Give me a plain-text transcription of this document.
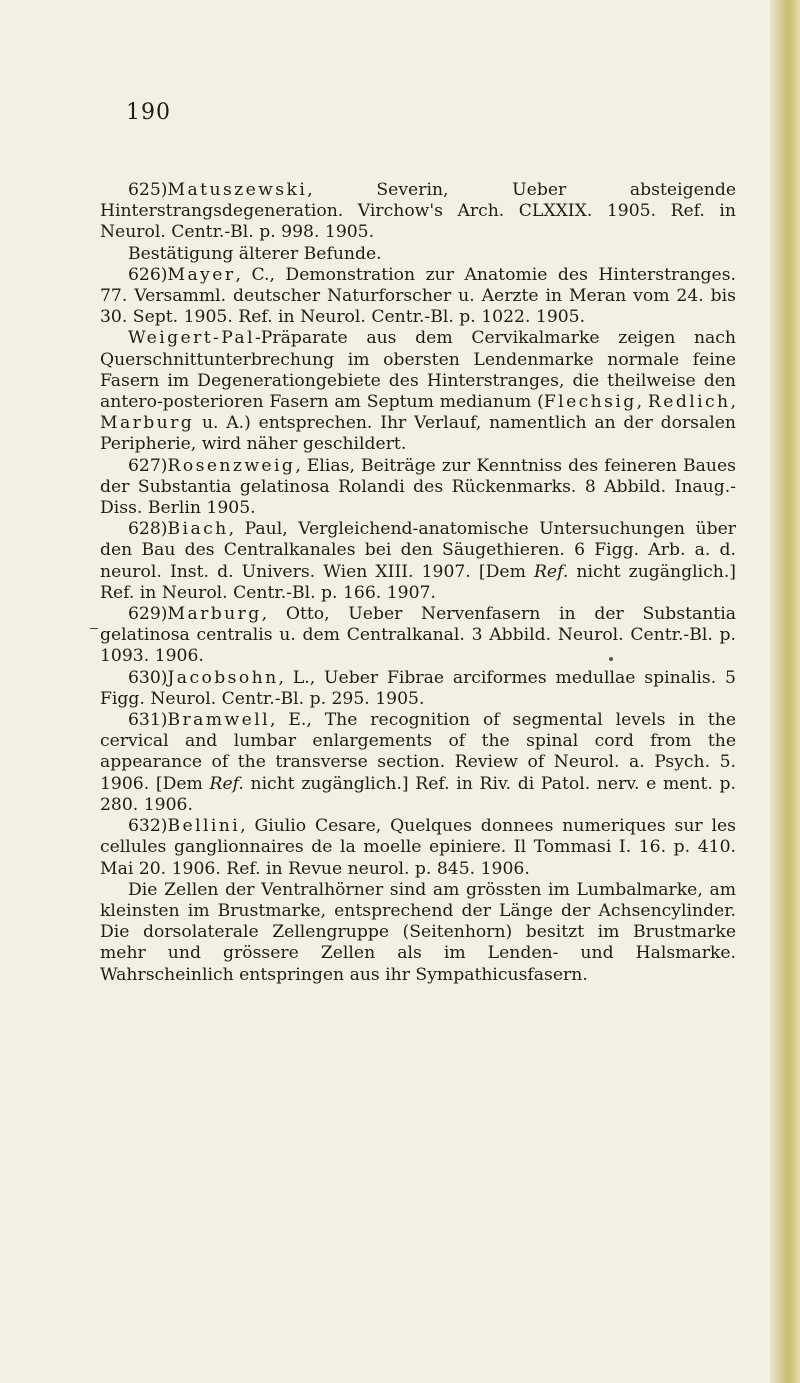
190

625)Matuszewski, Severin, Ueber absteigende Hinterstrangsdegeneration. Virchow's Arch. CLXXIX. 1905. Ref. in Neurol. Centr.-Bl. p. 998. 1905.

Bestätigung älterer Befunde.

626)Mayer, C., Demonstration zur Anatomie des Hinterstranges. 77. Versamml. deutscher Naturforscher u. Aerzte in Meran vom 24. bis 30. Sept. 1905. Ref. in Neurol. Centr.-Bl. p. 1022. 1905.

Weigert-Pal-Präparate aus dem Cervikalmarke zeigen nach Querschnittunterbrechung im obersten Lendenmarke normale feine Fasern im Degenerationgebiete des Hinterstranges, die theilweise den antero-posterioren Fasern am Septum medianum (Flechsig, Redlich, Marburg u. A.) entsprechen. Ihr Verlauf, namentlich an der dorsalen Peripherie, wird näher geschildert.

627)Rosenzweig, Elias, Beiträge zur Kenntniss des feineren Baues der Substantia gelatinosa Rolandi des Rückenmarks. 8 Abbild. Inaug.-Diss. Berlin 1905.

628)Biach, Paul, Vergleichend-anatomische Untersuchungen über den Bau des Centralkanales bei den Säugethieren. 6 Figg. Arb. a. d. neurol. Inst. d. Univers. Wien XIII. 1907. [Dem Ref. nicht zugänglich.] Ref. in Neurol. Centr.-Bl. p. 166. 1907.

629)Marburg, Otto, Ueber Nervenfasern in der Substantia gelatinosa centralis u. dem Centralkanal. 3 Abbild. Neurol. Centr.-Bl. p. 1093. 1906.

630)Jacobsohn, L., Ueber Fibrae arciformes medullae spinalis. 5 Figg. Neurol. Centr.-Bl. p. 295. 1905.

631)Bramwell, E., The recognition of segmental levels in the cervical and lumbar enlargements of the spinal cord from the appearance of the transverse section. Review of Neurol. a. Psych. 5. 1906. [Dem Ref. nicht zugänglich.] Ref. in Riv. di Patol. nerv. e ment. p. 280. 1906.

632)Bellini, Giulio Cesare, Quelques donnees numeriques sur les cellules ganglionnaires de la moelle epiniere. Il Tommasi I. 16. p. 410. Mai 20. 1906. Ref. in Revue neurol. p. 845. 1906.

Die Zellen der Ventralhörner sind am grössten im Lumbalmarke, am kleinsten im Brustmarke, entsprechend der Länge der Achsencylinder. Die dorsolaterale Zellengruppe (Seitenhorn) besitzt im Brustmarke mehr und grössere Zellen als im Lenden- und Halsmarke. Wahrscheinlich entspringen aus ihr Sympathicusfasern.
